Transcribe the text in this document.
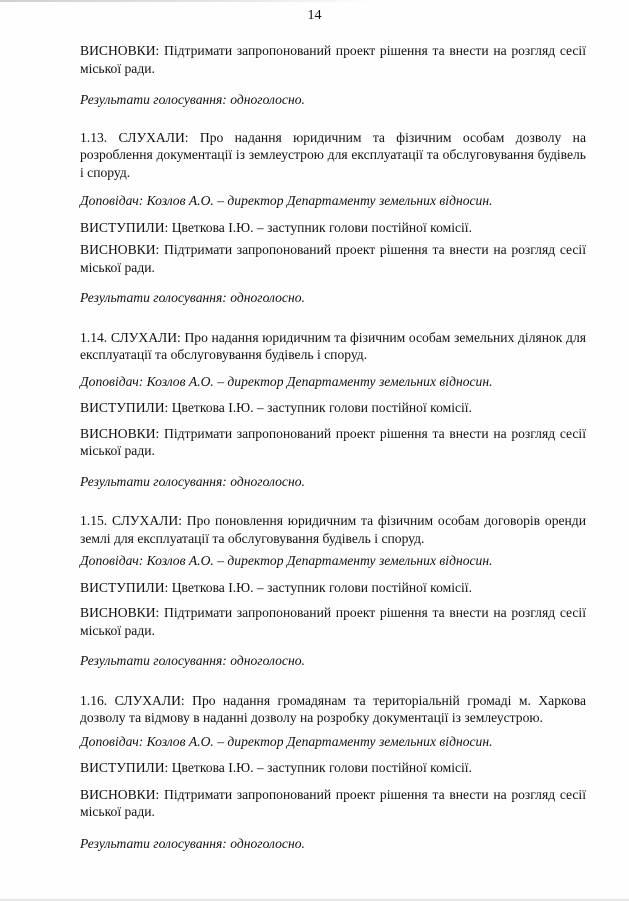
14

ВИСНОВКИ: Підтримати запропонований проект рішення та внести на розгляд сесії міської ради.

Результати голосування: одноголосно.

1.13. СЛУХАЛИ: Про надання юридичним та фізичним особам дозволу на розроблення документації із землеустрою для експлуатації та обслуговування будівель і споруд.

Доповідач: Козлов А.О. – директор Департаменту земельних відносин.

ВИСТУПИЛИ: Цветкова І.Ю. – заступник голови постійної комісії.

ВИСНОВКИ: Підтримати запропонований проект рішення та внести на розгляд сесії міської ради.

Результати голосування: одноголосно.

1.14. СЛУХАЛИ: Про надання юридичним та фізичним особам земельних ділянок для експлуатації та обслуговування будівель і споруд.

Доповідач: Козлов А.О. – директор Департаменту земельних відносин.

ВИСТУПИЛИ: Цветкова І.Ю. – заступник голови постійної комісії.

ВИСНОВКИ: Підтримати запропонований проект рішення та внести на розгляд сесії міської ради.

Результати голосування: одноголосно.

1.15. СЛУХАЛИ: Про поновлення юридичним та фізичним особам договорів оренди землі для експлуатації та обслуговування будівель і споруд.

Доповідач: Козлов А.О. – директор Департаменту земельних відносин.

ВИСТУПИЛИ: Цветкова І.Ю. – заступник голови постійної комісії.

ВИСНОВКИ: Підтримати запропонований проект рішення та внести на розгляд сесії міської ради.

Результати голосування: одноголосно.

1.16. СЛУХАЛИ: Про надання громадянам та територіальній громаді м. Харкова дозволу та відмову в наданні дозволу на розробку документації із землеустрою.

Доповідач: Козлов А.О. – директор Департаменту земельних відносин.

ВИСТУПИЛИ: Цветкова І.Ю. – заступник голови постійної комісії.

ВИСНОВКИ: Підтримати запропонований проект рішення та внести на розгляд сесії міської ради.

Результати голосування: одноголосно.
